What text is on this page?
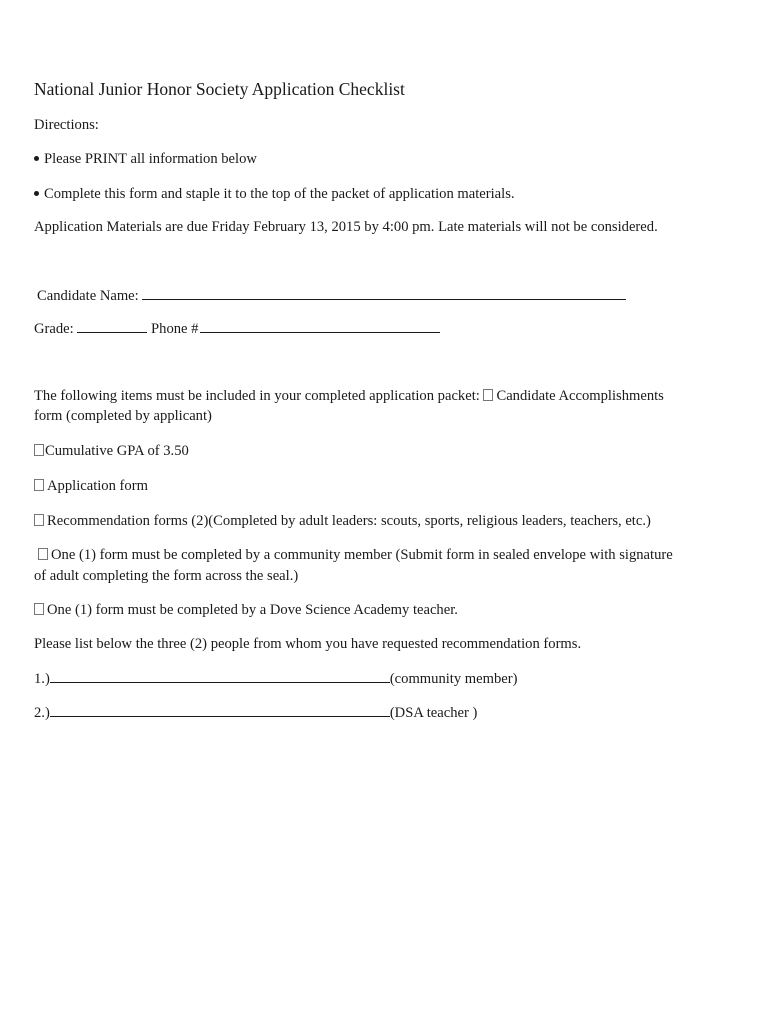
National Junior Honor Society Application Checklist
Directions:
Please PRINT all information below
Complete this form and staple it to the top of the packet of application materials.
Application Materials are due Friday February 13, 2015 by 4:00 pm. Late materials will not be considered.
Candidate Name:
Grade:	Phone #
The following items must be included in your completed application packet: Candidate Accomplishments
form (completed by applicant)
Cumulative GPA of 3.50
Application form
Recommendation forms (2)(Completed by adult leaders: scouts, sports, religious leaders, teachers, etc.)
One (1) form must be completed by a community member (Submit form in sealed envelope with signature
of adult completing the form across the seal.)
One (1) form must be completed by a Dove Science Academy teacher.
Please list below the three (2) people from whom you have requested recommendation forms.
1.)	(community member)
2.)	(DSA teacher )
